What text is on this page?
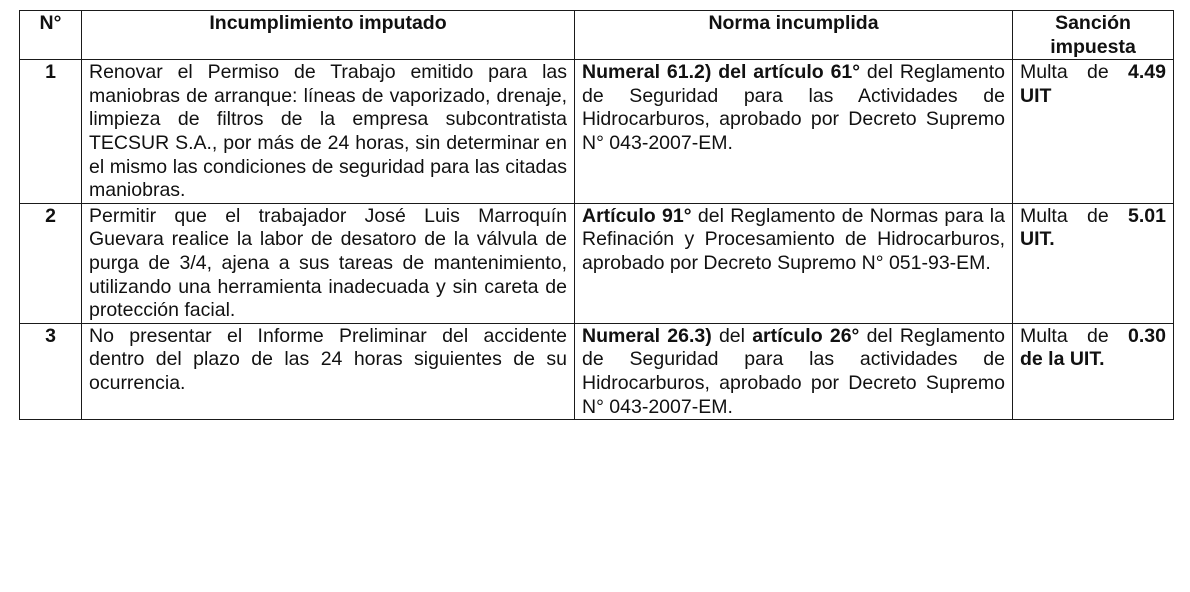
N°	Incumplimiento imputado	Norma incumplida	Sanción impuesta
1	Renovar el Permiso de Trabajo emitido para las maniobras de arranque: líneas de vaporizado, drenaje, limpieza de filtros de la empresa subcontratista TECSUR S.A., por más de 24 horas, sin determinar en el mismo las condiciones de seguridad para las citadas maniobras.	Numeral 61.2) del artículo 61° del Reglamento de Seguridad para las Actividades de Hidrocarburos, aprobado por Decreto Supremo N° 043-2007-EM.	Multa de 4.49 UIT
2	Permitir que el trabajador José Luis Marroquín Guevara realice la labor de desatoro de la válvula de purga de 3/4, ajena a sus tareas de mantenimiento, utilizando una herramienta inadecuada y sin careta de protección facial.	Artículo 91° del Reglamento de Normas para la Refinación y Procesamiento de Hidrocarburos, aprobado por Decreto Supremo N° 051-93-EM.	Multa de 5.01 UIT.
3	No presentar el Informe Preliminar del accidente dentro del plazo de las 24 horas siguientes de su ocurrencia.	Numeral 26.3) del artículo 26° del Reglamento de Seguridad para las actividades de Hidrocarburos, aprobado por Decreto Supremo N° 043-2007-EM.	Multa de 0.30 de la UIT.
